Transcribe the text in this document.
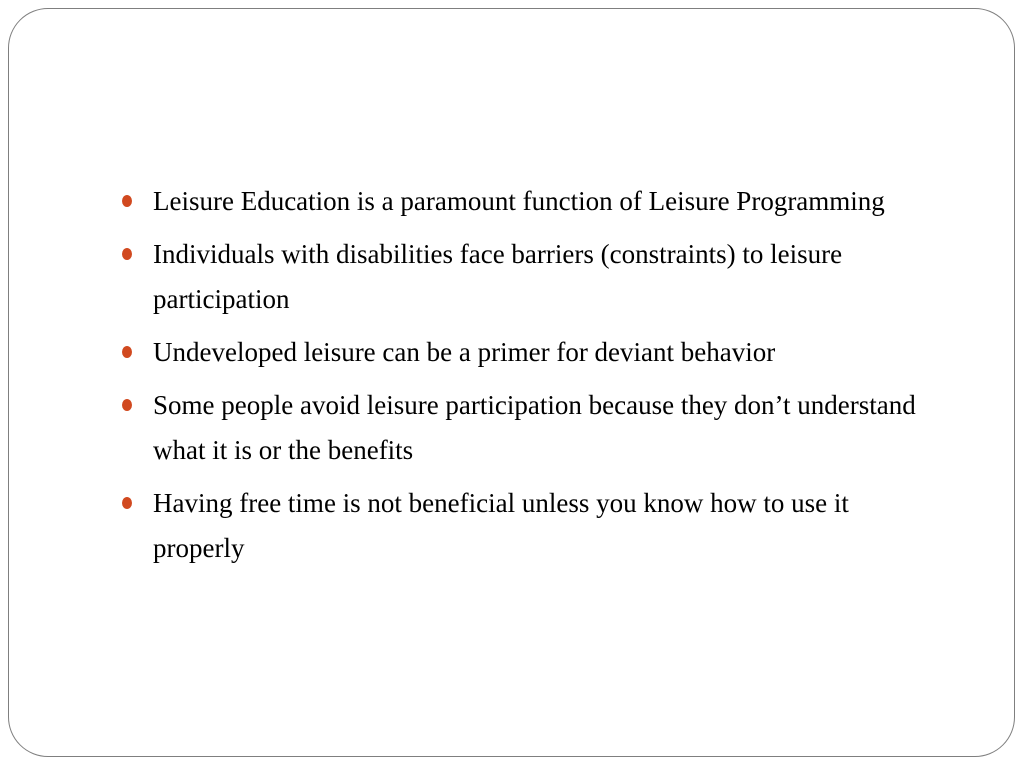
Leisure Education is a paramount function of Leisure Programming
Individuals with disabilities face barriers (constraints) to leisure participation
Undeveloped leisure can be a primer for deviant behavior
Some people avoid leisure participation because they don’t understand what it is or the benefits
Having free time is not beneficial unless you know how to use it properly
